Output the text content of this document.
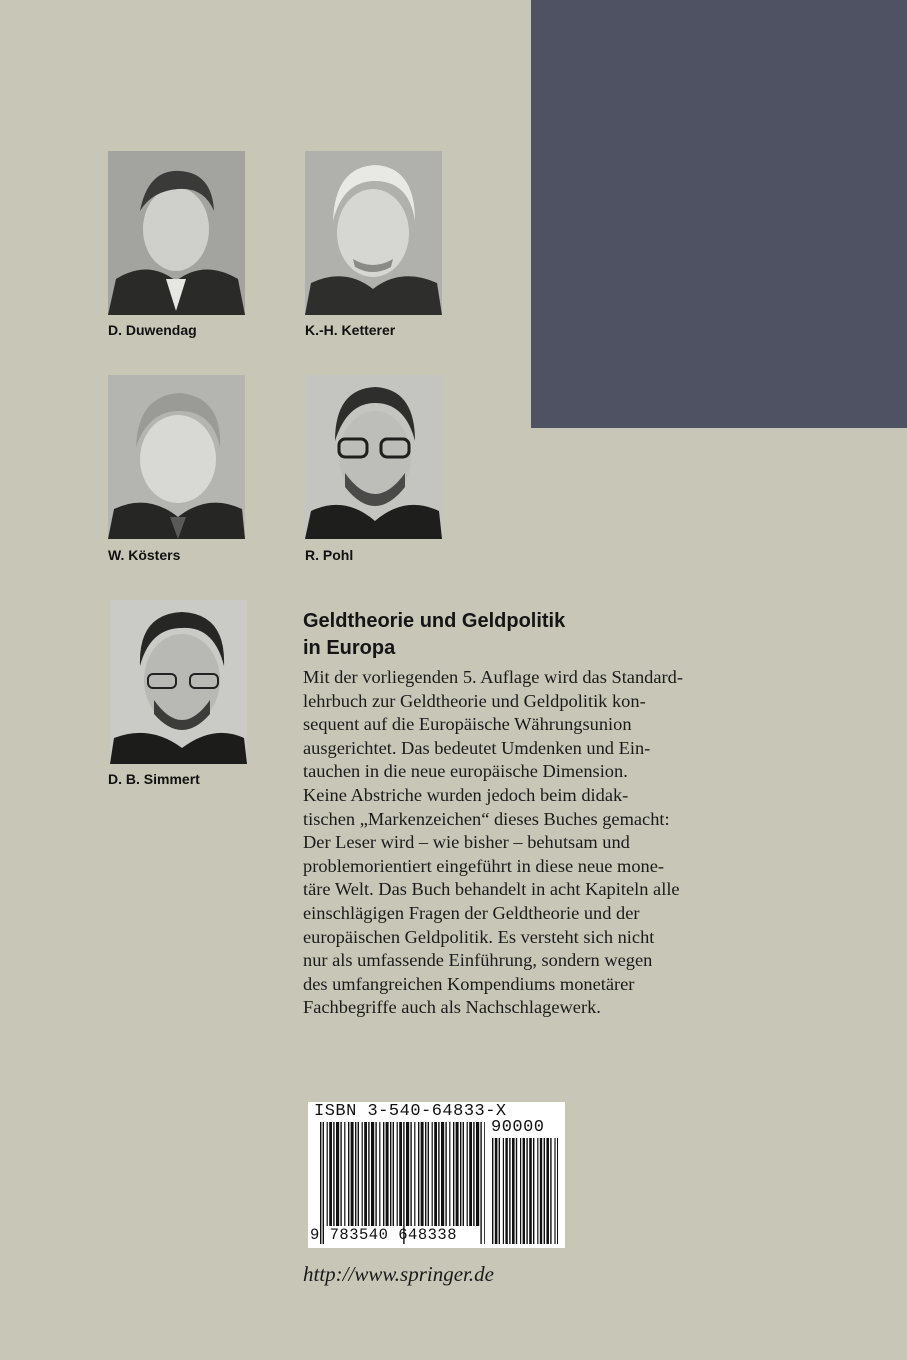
D. Duwendag	K.-H. Ketterer
W. Kösters	R. Pohl
D. B. Simmert
Geldtheorie und Geldpolitik
in Europa
Mit der vorliegenden 5. Auflage wird das Standard-
lehrbuch zur Geldtheorie und Geldpolitik kon-
sequent auf die Europäische Währungsunion
ausgerichtet. Das bedeutet Umdenken und Ein-
tauchen in die neue europäische Dimension.
Keine Abstriche wurden jedoch beim didak-
tischen „Markenzeichen“ dieses Buches gemacht:
Der Leser wird – wie bisher – behutsam und
problemorientiert eingeführt in diese neue mone-
täre Welt. Das Buch behandelt in acht Kapiteln alle
einschlägigen Fragen der Geldtheorie und der
europäischen Geldpolitik. Es versteht sich nicht
nur als umfassende Einführung, sondern wegen
des umfangreichen Kompendiums monetärer
Fachbegriffe auch als Nachschlagewerk.
ISBN 3-540-64833-X
90000
9 783540 648338
http://www.springer.de
